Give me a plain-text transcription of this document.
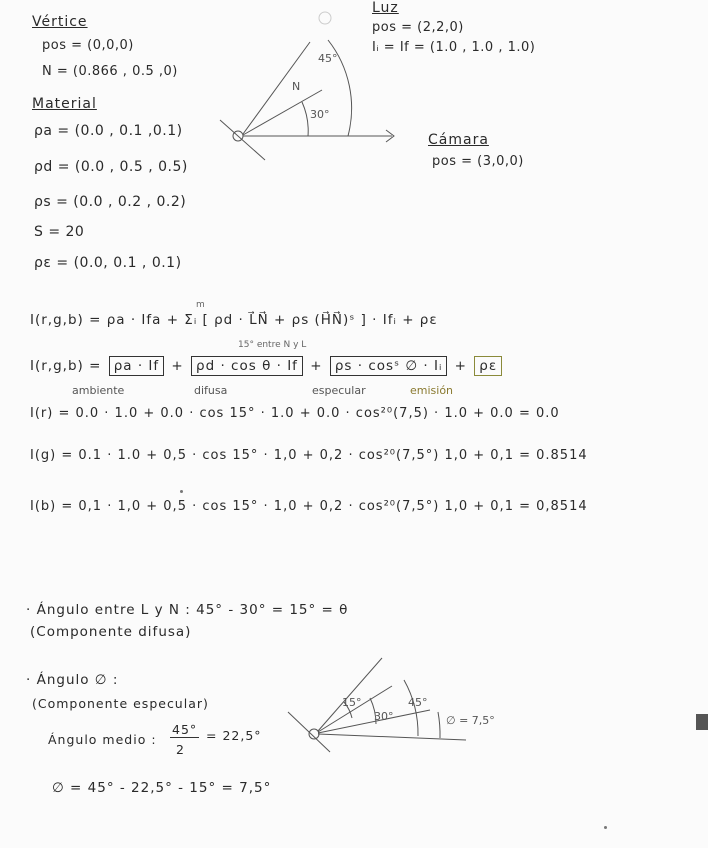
Vértice
pos = (0,0,0)
N = (0.866 , 0.5 ,0)
Luz
pos = (2,2,0)
Iᵢ = If = (1.0 , 1.0 , 1.0)
Cámara
pos = (3,0,0)
Material
ρa = (0.0 , 0.1 ,0.1)
ρd = (0.0 , 0.5 , 0.5)
ρs = (0.0 , 0.2 , 0.2)
S = 20
ρε = (0.0, 0.1 , 0.1)
45°
30°
N
I(r,g,b) = ρa · Ifa + Σᵢ [ ρd · L⃗N⃗ + ρs (H⃗N⃗)ˢ ] · Ifᵢ + ρε
m
15° entre N y L
I(r,g,b) = ρa · If + ρd · cos θ · If + ρs · cosˢ ∅ · Iᵢ + ρε
ambiente	difusa	especular	emisión
I(r) = 0.0 · 1.0 + 0.0 · cos 15° · 1.0 + 0.0 · cos²⁰(7,5) · 1.0 + 0.0 = 0.0
I(g) = 0.1 · 1.0 + 0,5 · cos 15° · 1,0 + 0,2 · cos²⁰(7,5°) 1,0 + 0,1 = 0.8514
I(b) = 0,1 · 1,0 + 0,5 · cos 15° · 1,0 + 0,2 · cos²⁰(7,5°) 1,0 + 0,1 = 0,8514
· Ángulo entre L y N : 45° - 30° = 15° = θ
(Componente difusa)
· Ángulo ∅ :
(Componente especular)
Ángulo medio :
45°
2
= 22,5°
∅ = 45° - 22,5° - 15° = 7,5°
15°
30°
45°
∅ = 7,5°
